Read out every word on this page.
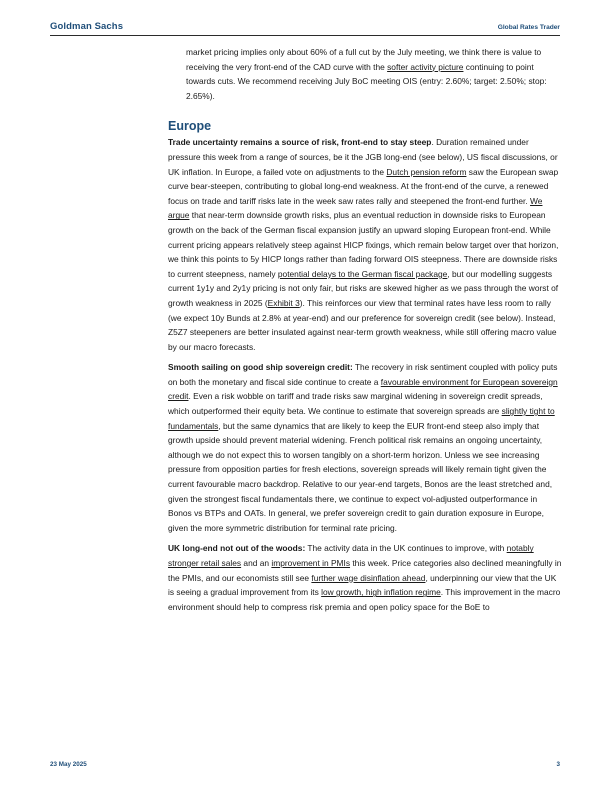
Goldman Sachs	Global Rates Trader

market pricing implies only about 60% of a full cut by the July meeting, we think there is value to receiving the very front-end of the CAD curve with the softer activity picture continuing to point towards cuts. We recommend receiving July BoC meeting OIS (entry: 2.60%; target: 2.50%; stop: 2.65%).

Europe

Trade uncertainty remains a source of risk, front-end to stay steep. Duration remained under pressure this week from a range of sources, be it the JGB long-end (see below), US fiscal discussions, or UK inflation. In Europe, a failed vote on adjustments to the Dutch pension reform saw the European swap curve bear-steepen, contributing to global long-end weakness. At the front-end of the curve, a renewed focus on trade and tariff risks late in the week saw rates rally and steepened the front-end further. We argue that near-term downside growth risks, plus an eventual reduction in downside risks to European growth on the back of the German fiscal expansion justify an upward sloping European front-end. While current pricing appears relatively steep against HICP fixings, which remain below target over that horizon, we think this points to 5y HICP longs rather than fading forward OIS steepness. There are downside risks to current steepness, namely potential delays to the German fiscal package, but our modelling suggests current 1y1y and 2y1y pricing is not only fair, but risks are skewed higher as we pass through the worst of growth weakness in 2025 (Exhibit 3). This reinforces our view that terminal rates have less room to rally (we expect 10y Bunds at 2.8% at year-end) and our preference for sovereign credit (see below). Instead, Z5Z7 steepeners are better insulated against near-term growth weakness, while still offering macro value by our macro forecasts.

Smooth sailing on good ship sovereign credit: The recovery in risk sentiment coupled with policy puts on both the monetary and fiscal side continue to create a favourable environment for European sovereign credit. Even a risk wobble on tariff and trade risks saw marginal widening in sovereign credit spreads, which outperformed their equity beta. We continue to estimate that sovereign spreads are slightly tight to fundamentals, but the same dynamics that are likely to keep the EUR front-end steep also imply that growth upside should prevent material widening. French political risk remains an ongoing uncertainty, although we do not expect this to worsen tangibly on a short-term horizon. Unless we see increasing pressure from opposition parties for fresh elections, sovereign spreads will likely remain tight given the current favourable macro backdrop. Relative to our year-end targets, Bonos are the least stretched and, given the strongest fiscal fundamentals there, we continue to expect vol-adjusted outperformance in Bonos vs BTPs and OATs. In general, we prefer sovereign credit to gain duration exposure in Europe, given the more symmetric distribution for terminal rate pricing.

UK long-end not out of the woods: The activity data in the UK continues to improve, with notably stronger retail sales and an improvement in PMIs this week. Price categories also declined meaningfully in the PMIs, and our economists still see further wage disinflation ahead, underpinning our view that the UK is seeing a gradual improvement from its low growth, high inflation regime. This improvement in the macro environment should help to compress risk premia and open policy space for the BoE to

23 May 2025	3
